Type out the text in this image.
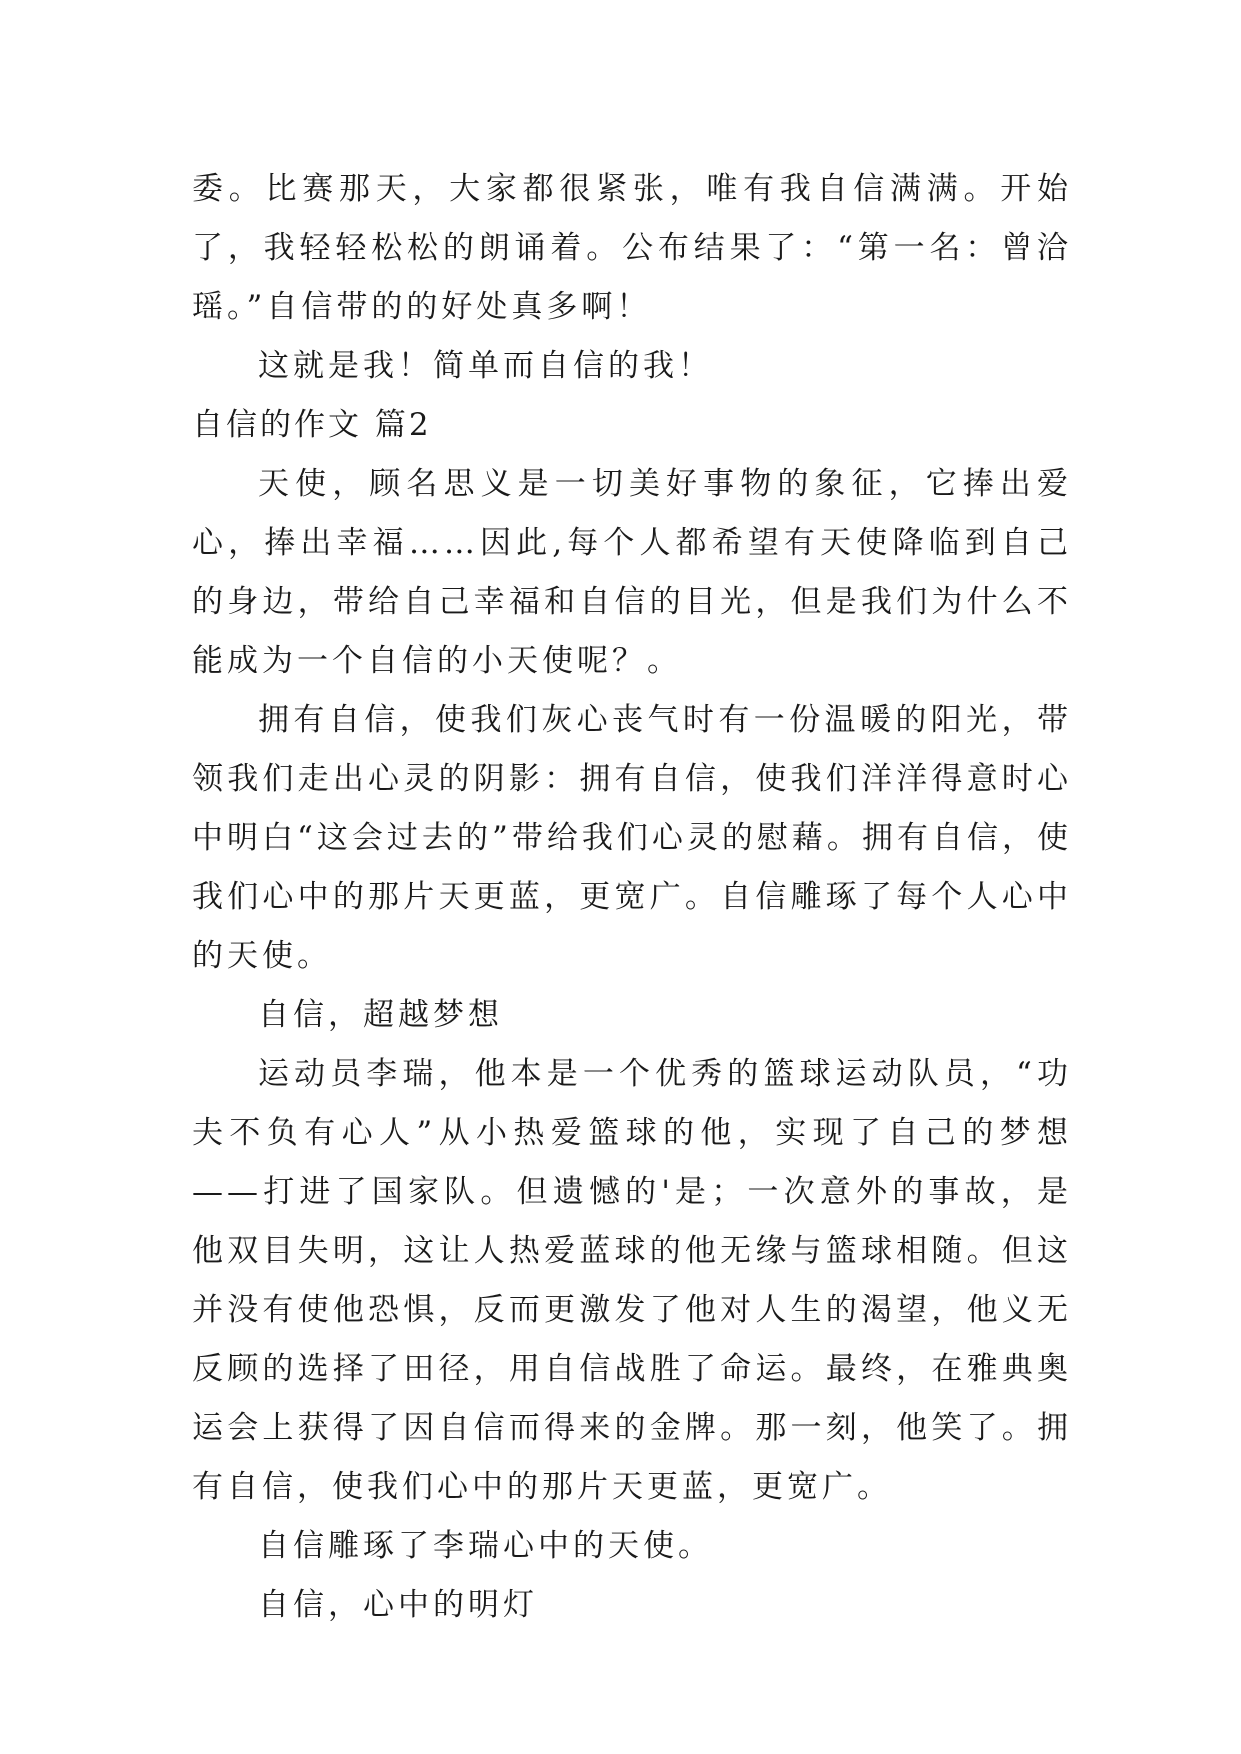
委。比赛那天，大家都很紧张，唯有我自信满满。开始了，我轻轻松松的朗诵着。公布结果了：“第一名：曾洽瑶。”自信带的的好处真多啊！

这就是我！简单而自信的我！

自信的作文 篇2

天使，顾名思义是一切美好事物的象征，它捧出爱心，捧出幸福……因此,每个人都希望有天使降临到自己的身边，带给自己幸福和自信的目光，但是我们为什么不能成为一个自信的小天使呢？。

拥有自信，使我们灰心丧气时有一份温暖的阳光，带领我们走出心灵的阴影：拥有自信，使我们洋洋得意时心中明白“这会过去的”带给我们心灵的慰藉。拥有自信，使我们心中的那片天更蓝，更宽广。自信雕琢了每个人心中的天使。

自信，超越梦想

运动员李瑞，他本是一个优秀的篮球运动队员，“功夫不负有心人”从小热爱篮球的他，实现了自己的梦想——打进了国家队。但遗憾的'是；一次意外的事故，是他双目失明，这让人热爱蓝球的他无缘与篮球相随。但这并没有使他恐惧，反而更激发了他对人生的渴望，他义无反顾的选择了田径，用自信战胜了命运。最终，在雅典奥运会上获得了因自信而得来的金牌。那一刻，他笑了。拥有自信，使我们心中的那片天更蓝，更宽广。

自信雕琢了李瑞心中的天使。

自信，心中的明灯
